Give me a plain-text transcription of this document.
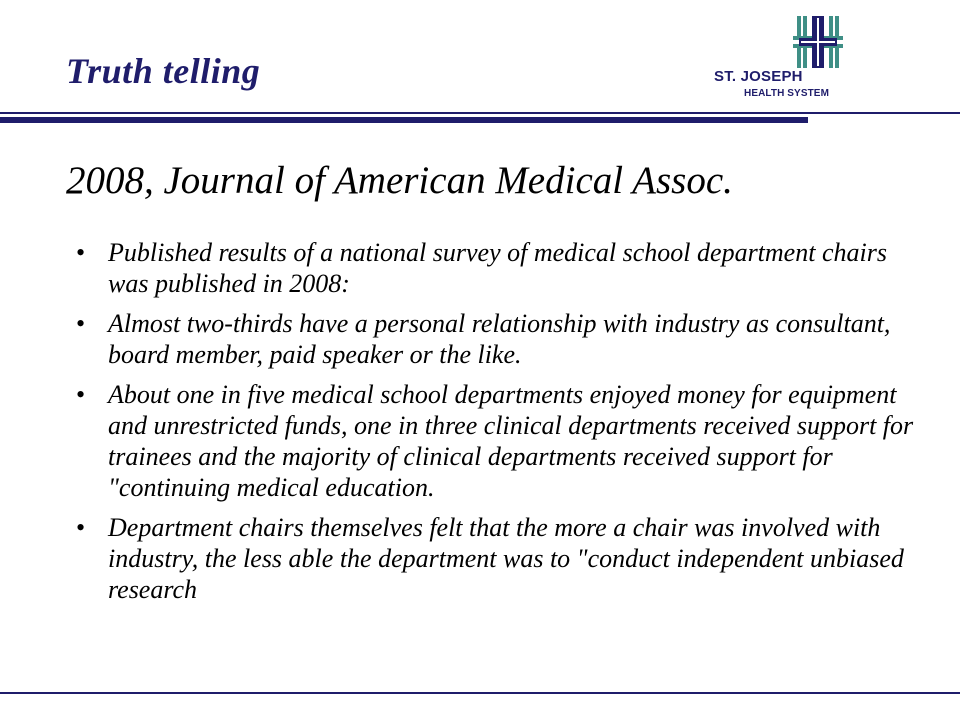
Truth telling	ST. JOSEPH
HEALTH SYSTEM
2008, Journal of American Medical Assoc.
• Published results of a national survey of medical school department chairs was published in 2008:
• Almost two-thirds have a personal relationship with industry as consultant, board member, paid speaker or the like.
• About one in five medical school departments enjoyed money for equipment and unrestricted funds, one in three clinical departments received support for trainees and the majority of clinical departments received support for "continuing medical education.
• Department chairs themselves felt that the more a chair was involved with industry, the less able the department was to "conduct independent unbiased research
